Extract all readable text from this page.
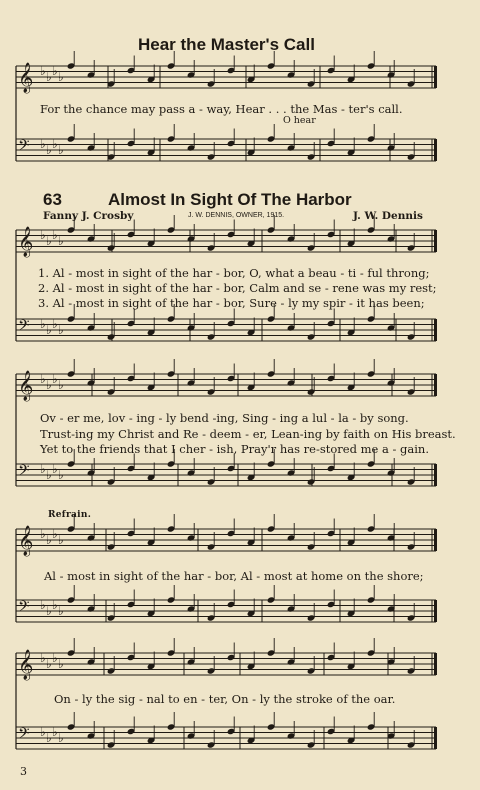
Hear the Master's Call
𝄞 ♭ ♭ ♭ ♭
𝄢 ♭ ♭ ♭ ♭
𝄞 ♭ ♭ ♭ ♭
𝄢 ♭ ♭ ♭ ♭
𝄞 ♭ ♭ ♭ ♭
𝄢 ♭ ♭ ♭ ♭
𝄞 ♭ ♭ ♭ ♭
𝄢 ♭ ♭ ♭ ♭
𝄞 ♭ ♭ ♭ ♭
𝄢 ♭ ♭ ♭ ♭
For the chance may pass a - way, Hear . . . the Mas - ter's call.
O hear
63	Almost In Sight Of The Harbor
Fanny J. Crosby	J. W. DENNIS, OWNER, 1915.	J. W. Dennis
1. Al - most in sight of the har - bor, O, what a beau - ti - ful throng;
2. Al - most in sight of the har - bor, Calm and se - rene was my rest;
3. Al - most in sight of the har - bor, Sure - ly my spir - it has been;
Ov - er me, lov - ing - ly bend -ing, Sing - ing a lul - la - by song.
Trust-ing my Christ and Re - deem - er, Lean-ing by faith on His breast.
Yet to the friends that I cher - ish, Pray'r has re-stored me a - gain.
Refrain.
Al - most in sight of the har - bor, Al - most at home on the shore;
On - ly the sig - nal to en - ter, On - ly the stroke of the oar.
3
